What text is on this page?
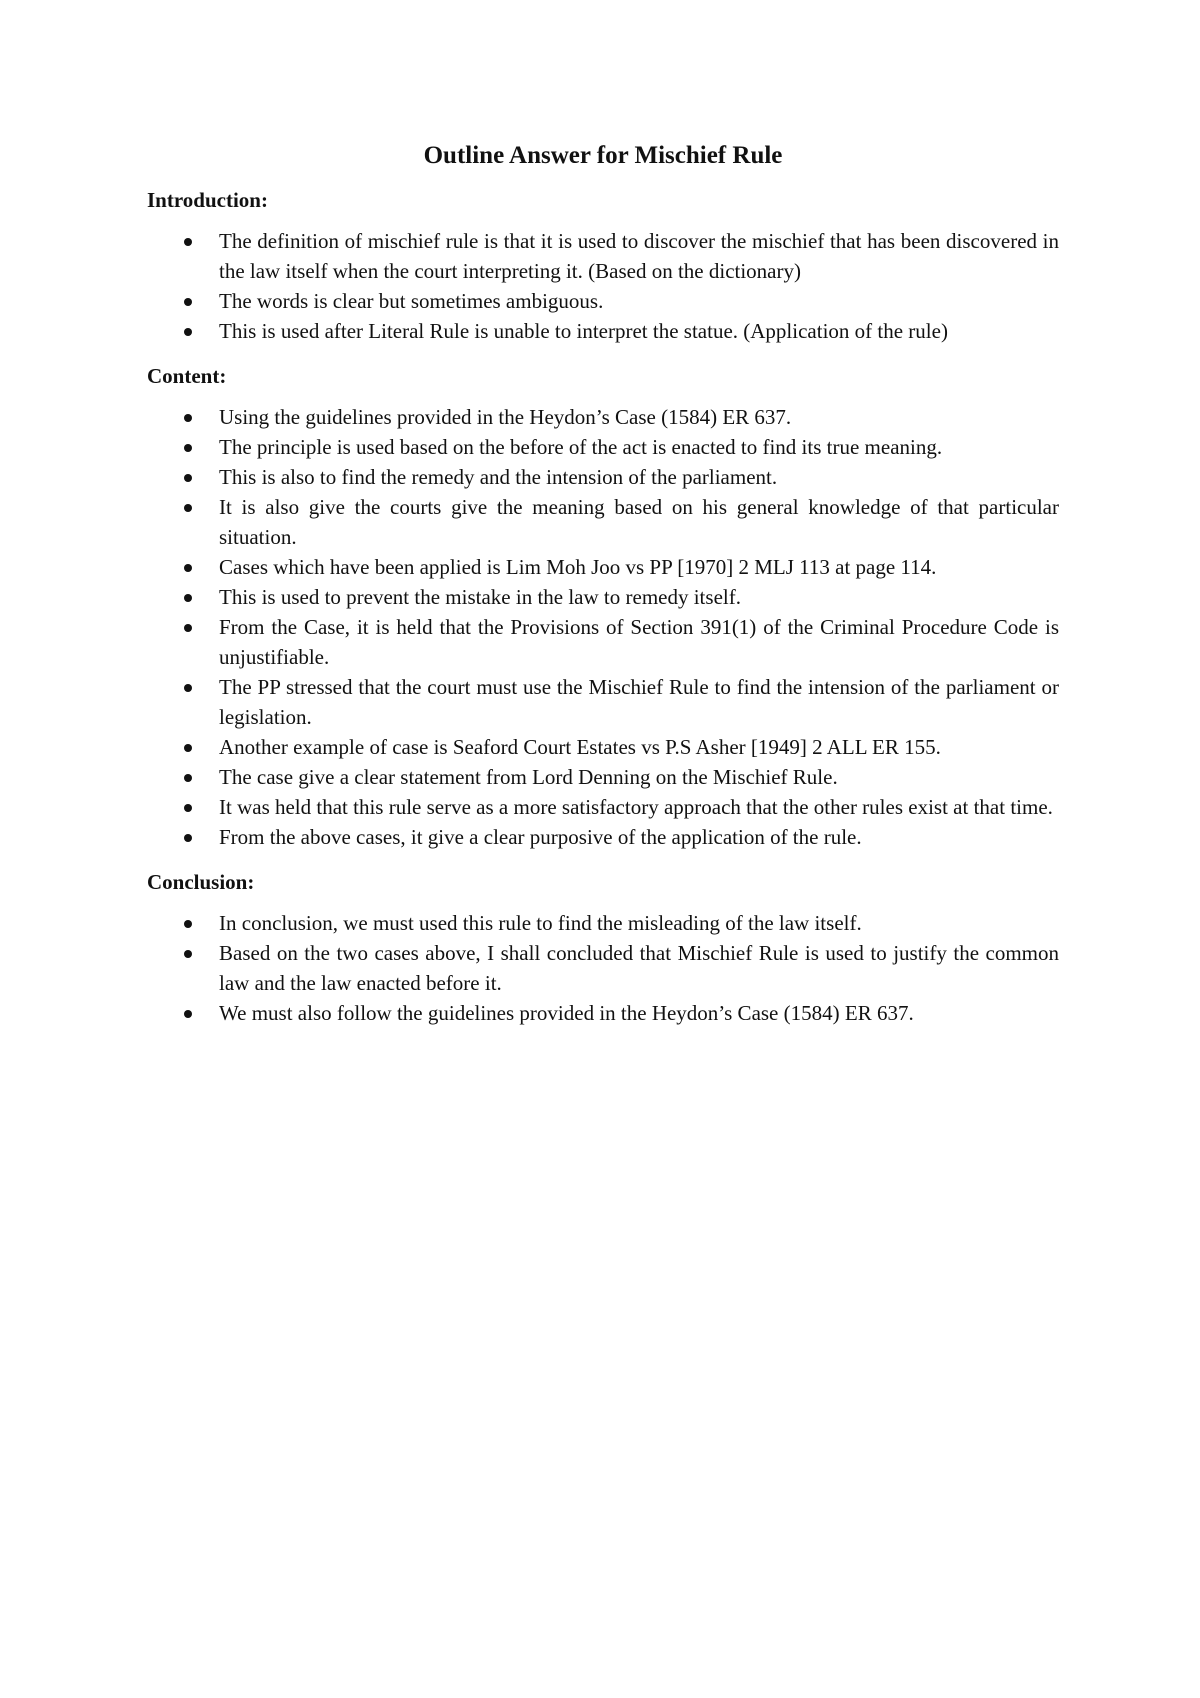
Outline Answer for Mischief Rule
Introduction:
The definition of mischief rule is that it is used to discover the mischief that has been discovered in the law itself when the court interpreting it. (Based on the dictionary)
The words is clear but sometimes ambiguous.
This is used after Literal Rule is unable to interpret the statue. (Application of the rule)
Content:
Using the guidelines provided in the Heydon’s Case (1584) ER 637.
The principle is used based on the before of the act is enacted to find its true meaning.
This is also to find the remedy and the intension of the parliament.
It is also give the courts give the meaning based on his general knowledge of that particular situation.
Cases which have been applied is Lim Moh Joo vs PP [1970] 2 MLJ 113 at page 114.
This is used to prevent the mistake in the law to remedy itself.
From the Case, it is held that the Provisions of Section 391(1) of the Criminal Procedure Code is unjustifiable.
The PP stressed that the court must use the Mischief Rule to find the intension of the parliament or legislation.
Another example of case is Seaford Court Estates vs P.S Asher [1949] 2 ALL ER 155.
The case give a clear statement from Lord Denning on the Mischief Rule.
It was held that this rule serve as a more satisfactory approach that the other rules exist at that time.
From the above cases, it give a clear purposive of the application of the rule.
Conclusion:
In conclusion, we must used this rule to find the misleading of the law itself.
Based on the two cases above, I shall concluded that Mischief Rule is used to justify the common law and the law enacted before it.
We must also follow the guidelines provided in the Heydon’s Case (1584) ER 637.
